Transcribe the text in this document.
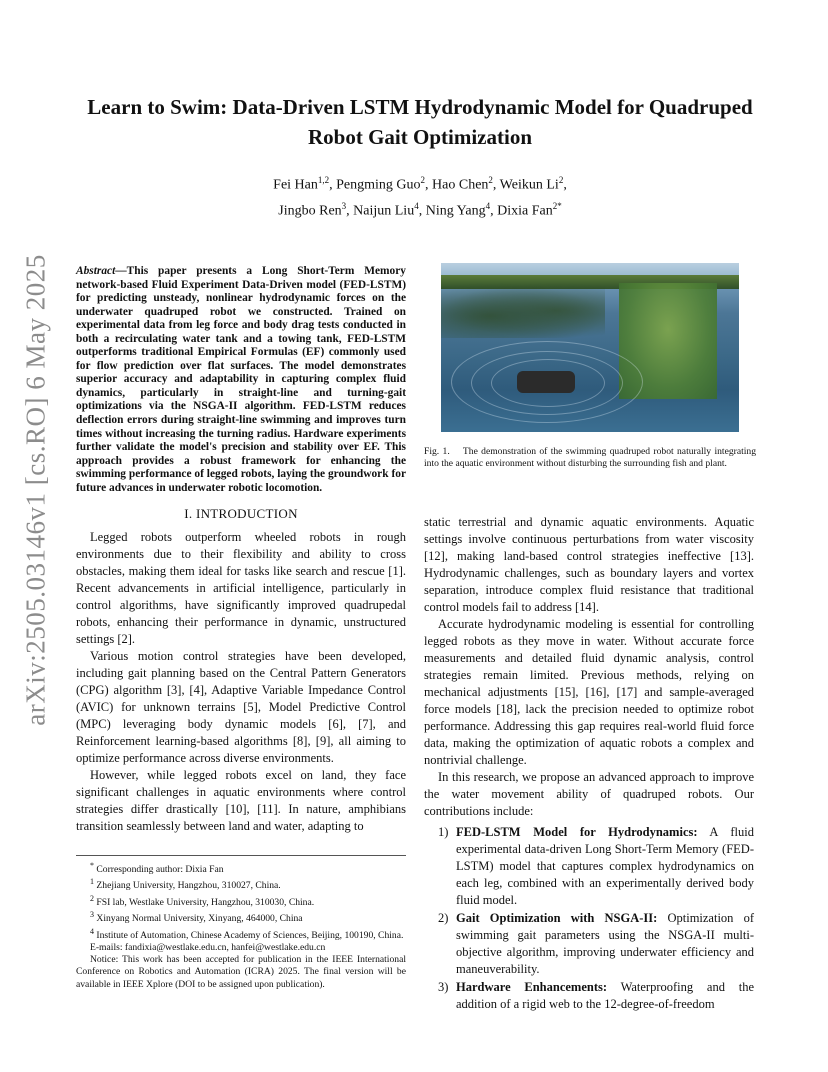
arXiv:2505.03146v1 [cs.RO] 6 May 2025
Learn to Swim: Data-Driven LSTM Hydrodynamic Model for Quadruped Robot Gait Optimization
Fei Han$^{1,2}$, Pengming Guo$^2$, Hao Chen$^2$, Weikun Li$^2$,
Jingbo Ren$^3$, Naijun Liu$^4$, Ning Yang$^4$, Dixia Fan$^{2*}$

Abstract—This paper presents a Long Short-Term Memory network-based Fluid Experiment Data-Driven model (FED-LSTM) for predicting unsteady, nonlinear hydrodynamic forces on the underwater quadruped robot we constructed. Trained on experimental data from leg force and body drag tests conducted in both a recirculating water tank and a towing tank, FED-LSTM outperforms traditional Empirical Formulas (EF) commonly used for flow prediction over flat surfaces. The model demonstrates superior accuracy and adaptability in capturing complex fluid dynamics, particularly in straight-line and turning-gait optimizations via the NSGA-II algorithm. FED-LSTM reduces deflection errors during straight-line swimming and improves turn times without increasing the turning radius. Hardware experiments further validate the model's precision and stability over EF. This approach provides a robust framework for enhancing the swimming performance of legged robots, laying the groundwork for future advances in underwater robotic locomotion.

I. INTRODUCTION

Legged robots outperform wheeled robots in rough environments due to their flexibility and ability to cross obstacles, making them ideal for tasks like search and rescue [1]. Recent advancements in artificial intelligence, particularly in control algorithms, have significantly improved quadrupedal robots, enhancing their performance in dynamic, unstructured settings [2].

Various motion control strategies have been developed, including gait planning based on the Central Pattern Generators (CPG) algorithm [3], [4], Adaptive Variable Impedance Control (AVIC) for unknown terrains [5], Model Predictive Control (MPC) leveraging body dynamic models [6], [7], and Reinforcement learning-based algorithms [8], [9], all aiming to optimize performance across diverse environments.

However, while legged robots excel on land, they face significant challenges in aquatic environments where control strategies differ drastically [10], [11]. In nature, amphibians transition seamlessly between land and water, adapting to

* Corresponding author: Dixia Fan
$^1$ Zhejiang University, Hangzhou, 310027, China.
$^2$ FSI lab, Westlake University, Hangzhou, 310030, China.
$^3$ Xinyang Normal University, Xinyang, 464000, China
$^4$ Institute of Automation, Chinese Academy of Sciences, Beijing, 100190, China.
E-mails: fandixia@westlake.edu.cn, hanfei@westlake.edu.cn
Notice: This work has been accepted for publication in the IEEE International Conference on Robotics and Automation (ICRA) 2025. The final version will be available in IEEE Xplore (DOI to be assigned upon publication).
Fig. 1. The demonstration of the swimming quadruped robot naturally integrating into the aquatic environment without disturbing the surrounding fish and plant.

static terrestrial and dynamic aquatic environments. Aquatic settings involve continuous perturbations from water viscosity [12], making land-based control strategies ineffective [13]. Hydrodynamic challenges, such as boundary layers and vortex separation, introduce complex fluid resistance that traditional control models fail to address [14].

Accurate hydrodynamic modeling is essential for controlling legged robots as they move in water. Without accurate force measurements and detailed fluid dynamic analysis, control strategies remain limited. Previous methods, relying on mechanical adjustments [15], [16], [17] and sample-averaged force models [18], lack the precision needed to optimize robot performance. Addressing this gap requires real-world fluid force data, making the optimization of aquatic robots a complex and nontrivial challenge.

In this research, we propose an advanced approach to improve the water movement ability of quadruped robots. Our contributions include:

1) FED-LSTM Model for Hydrodynamics: A fluid experimental data-driven Long Short-Term Memory (FED-LSTM) model that captures complex hydrodynamics on each leg, combined with an experimentally derived body fluid model.
2) Gait Optimization with NSGA-II: Optimization of swimming gait parameters using the NSGA-II multi-objective algorithm, improving underwater efficiency and maneuverability.
3) Hardware Enhancements: Waterproofing and the addition of a rigid web to the 12-degree-of-freedom
